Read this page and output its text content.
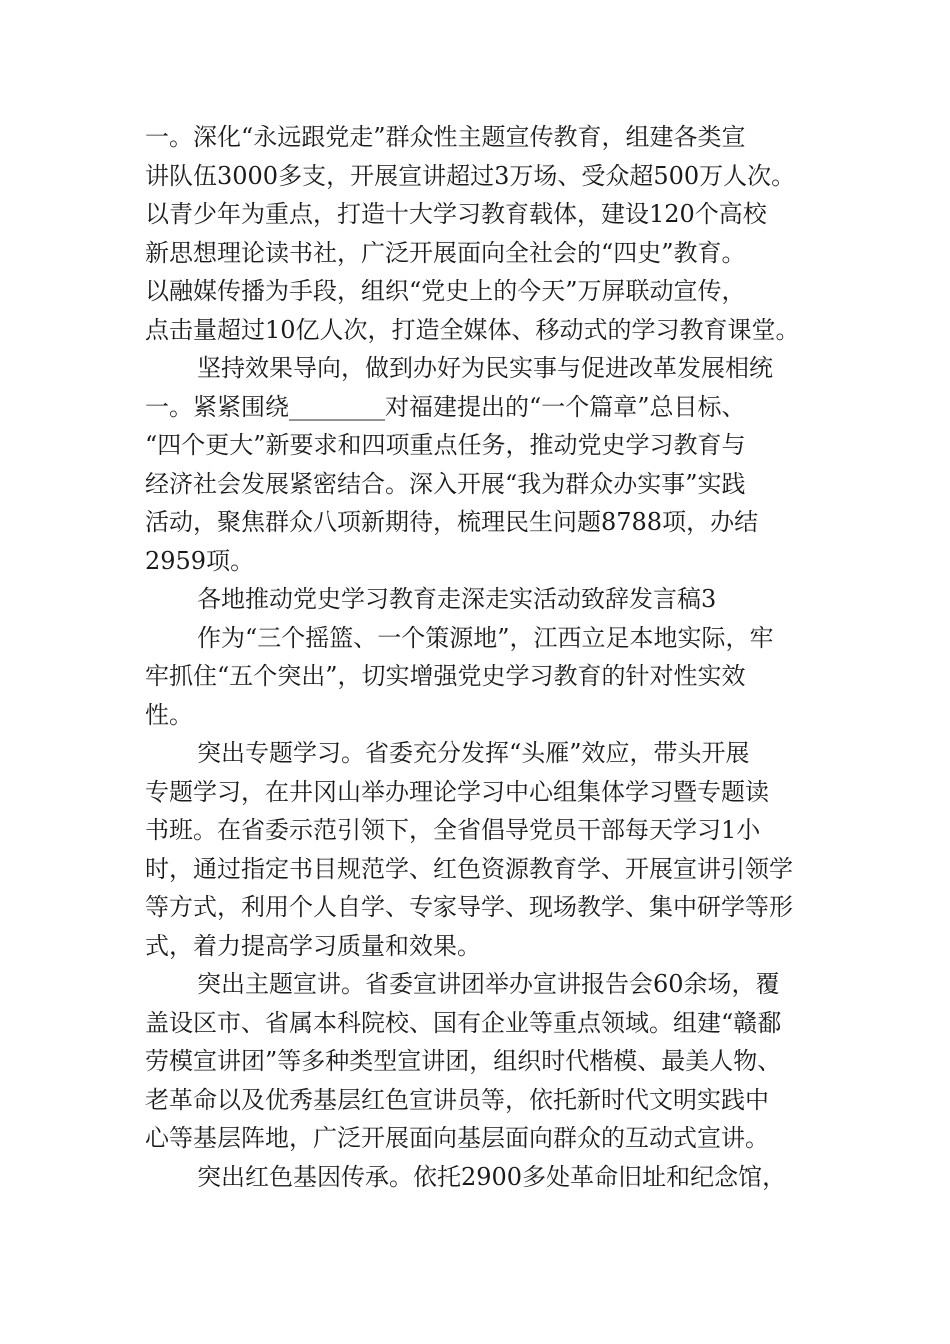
一。深化“永远跟党走”群众性主题宣传教育，组建各类宣
讲队伍3000多支，开展宣讲超过3万场、受众超500万人次。
以青少年为重点，打造十大学习教育载体，建设120个高校
新思想理论读书社，广泛开展面向全社会的“四史”教育。
以融媒传播为手段，组织“党史上的今天”万屏联动宣传，
点击量超过10亿人次，打造全媒体、移动式的学习教育课堂。
坚持效果导向，做到办好为民实事与促进改革发展相统
一。紧紧围绕________对福建提出的“一个篇章”总目标、
“四个更大”新要求和四项重点任务，推动党史学习教育与
经济社会发展紧密结合。深入开展“我为群众办实事”实践
活动，聚焦群众八项新期待，梳理民生问题8788项，办结
2959项。
各地推动党史学习教育走深走实活动致辞发言稿3
作为“三个摇篮、一个策源地”，江西立足本地实际，牢
牢抓住“五个突出”，切实增强党史学习教育的针对性实效
性。
突出专题学习。省委充分发挥“头雁”效应，带头开展
专题学习，在井冈山举办理论学习中心组集体学习暨专题读
书班。在省委示范引领下，全省倡导党员干部每天学习1小
时，通过指定书目规范学、红色资源教育学、开展宣讲引领学
等方式，利用个人自学、专家导学、现场教学、集中研学等形
式，着力提高学习质量和效果。
突出主题宣讲。省委宣讲团举办宣讲报告会60余场，覆
盖设区市、省属本科院校、国有企业等重点领域。组建“赣鄱
劳模宣讲团”等多种类型宣讲团，组织时代楷模、最美人物、
老革命以及优秀基层红色宣讲员等，依托新时代文明实践中
心等基层阵地，广泛开展面向基层面向群众的互动式宣讲。
突出红色基因传承。依托2900多处革命旧址和纪念馆，
